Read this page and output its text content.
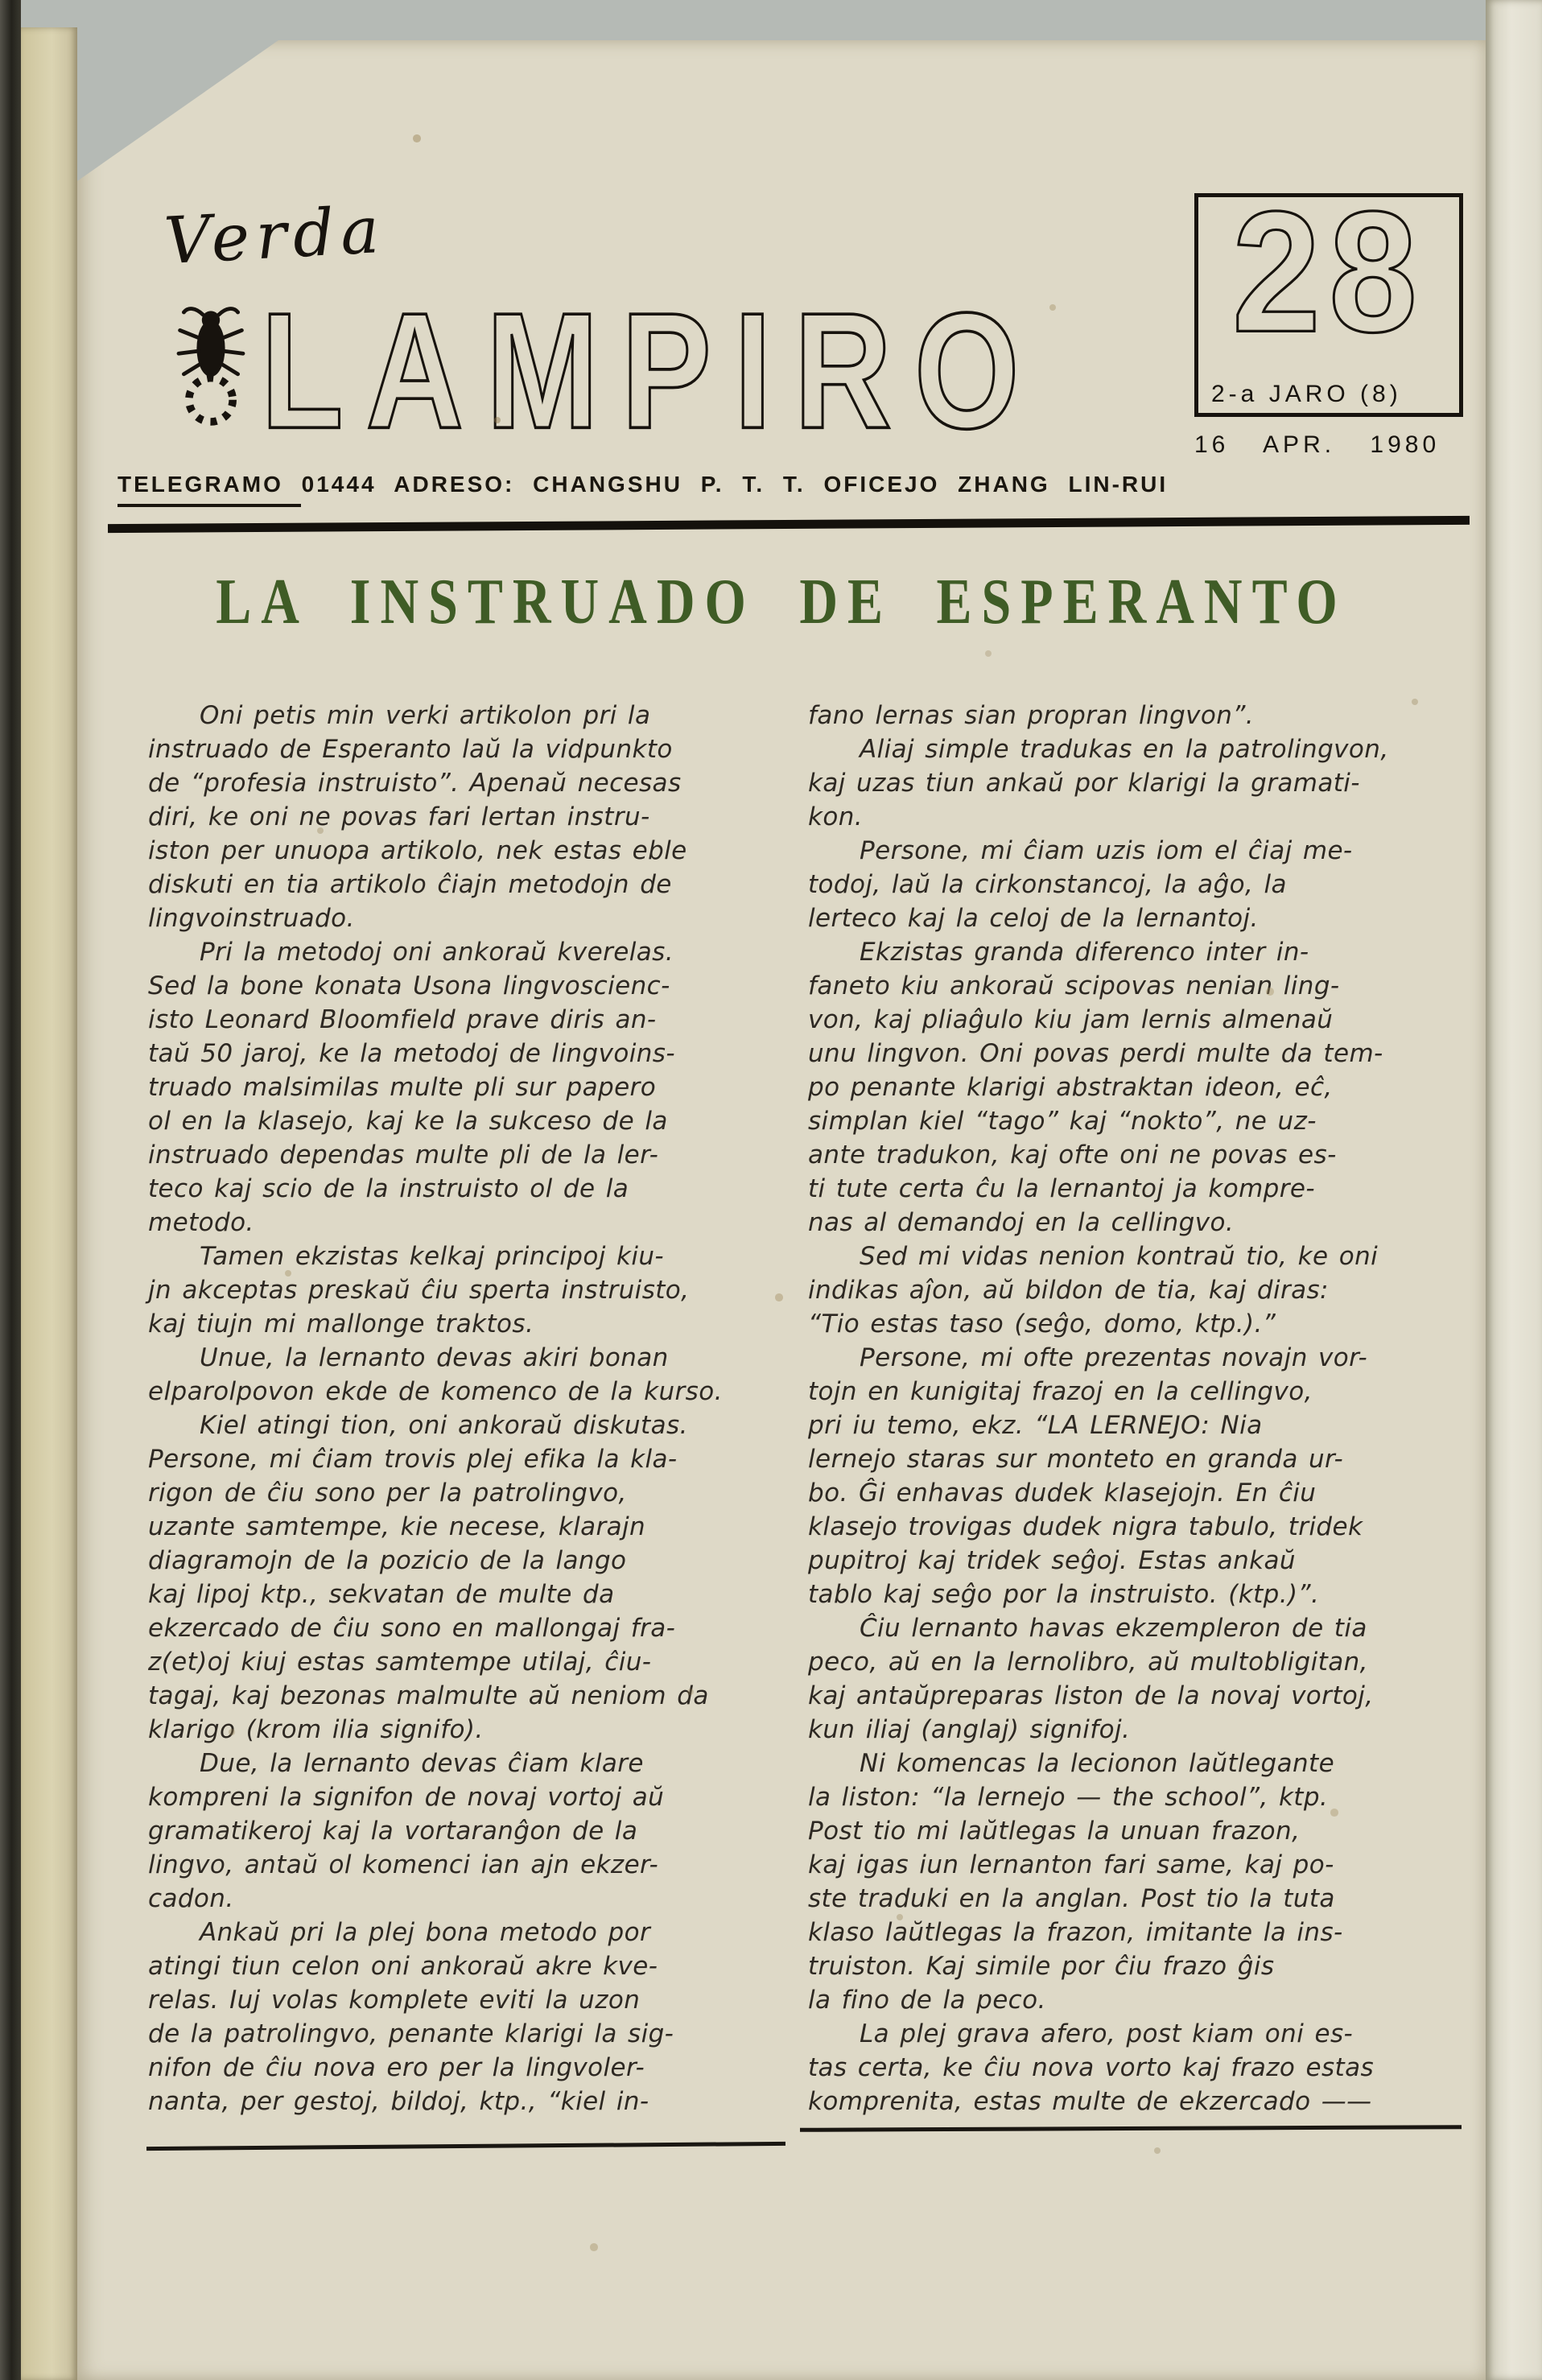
Verda
LAMPIRO
28
2-a JARO (8)
16 APR. 1980
TELEGRAMO 01444 ADRESO: CHANGSHU P. T. T. OFICEJO ZHANG LIN-RUI
LA INSTRUADO DE ESPERANTO
Oni petis min verki artikolon pri la
instruado de Esperanto laŭ la vidpunkto
de “profesia instruisto”. Apenaŭ necesas
diri, ke oni ne povas fari lertan instru-
iston per unuopa artikolo, nek estas eble
diskuti en tia artikolo ĉiajn metodojn de
lingvoinstruado.
Pri la metodoj oni ankoraŭ kverelas.
Sed la bone konata Usona lingvoscienc-
isto Leonard Bloomfield prave diris an-
taŭ 50 jaroj, ke la metodoj de lingvoins-
truado malsimilas multe pli sur papero
ol en la klasejo, kaj ke la sukceso de la
instruado dependas multe pli de la ler-
teco kaj scio de la instruisto ol de la
metodo.
Tamen ekzistas kelkaj principoj kiu-
jn akceptas preskaŭ ĉiu sperta instruisto,
kaj tiujn mi mallonge traktos.
Unue, la lernanto devas akiri bonan
elparolpovon ekde de komenco de la kurso.
Kiel atingi tion, oni ankoraŭ diskutas.
Persone, mi ĉiam trovis plej efika la kla-
rigon de ĉiu sono per la patrolingvo,
uzante samtempe, kie necese, klarajn
diagramojn de la pozicio de la lango
kaj lipoj ktp., sekvatan de multe da
ekzercado de ĉiu sono en mallongaj fra-
z(et)oj kiuj estas samtempe utilaj, ĉiu-
tagaj, kaj bezonas malmulte aŭ neniom da
klarigo (krom ilia signifo).
Due, la lernanto devas ĉiam klare
kompreni la signifon de novaj vortoj aŭ
gramatikeroj kaj la vortaranĝon de la
lingvo, antaŭ ol komenci ian ajn ekzer-
cadon.
Ankaŭ pri la plej bona metodo por
atingi tiun celon oni ankoraŭ akre kve-
relas. Iuj volas komplete eviti la uzon
de la patrolingvo, penante klarigi la sig-
nifon de ĉiu nova ero per la lingvoler-
nanta, per gestoj, bildoj, ktp., “kiel in-
fano lernas sian propran lingvon”.
Aliaj simple tradukas en la patrolingvon,
kaj uzas tiun ankaŭ por klarigi la gramati-
kon.
Persone, mi ĉiam uzis iom el ĉiaj me-
todoj, laŭ la cirkonstancoj, la aĝo, la
lerteco kaj la celoj de la lernantoj.
Ekzistas granda diferenco inter in-
faneto kiu ankoraŭ scipovas nenian ling-
von, kaj pliaĝulo kiu jam lernis almenaŭ
unu lingvon. Oni povas perdi multe da tem-
po penante klarigi abstraktan ideon, eĉ,
simplan kiel “tago” kaj “nokto”, ne uz-
ante tradukon, kaj ofte oni ne povas es-
ti tute certa ĉu la lernantoj ja kompre-
nas al demandoj en la cellingvo.
Sed mi vidas nenion kontraŭ tio, ke oni
indikas aĵon, aŭ bildon de tia, kaj diras:
“Tio estas taso (seĝo, domo, ktp.).”
Persone, mi ofte prezentas novajn vor-
tojn en kunigitaj frazoj en la cellingvo,
pri iu temo, ekz. “LA LERNEJO: Nia
lernejo staras sur monteto en granda ur-
bo. Ĝi enhavas dudek klasejojn. En ĉiu
klasejo trovigas dudek nigra tabulo, tridek
pupitroj kaj tridek seĝoj. Estas ankaŭ
tablo kaj seĝo por la instruisto. (ktp.)”.
Ĉiu lernanto havas ekzempleron de tia
peco, aŭ en la lernolibro, aŭ multobligitan,
kaj antaŭpreparas liston de la novaj vortoj,
kun iliaj (anglaj) signifoj.
Ni komencas la lecionon laŭtlegante
la liston: “la lernejo — the school”, ktp.
Post tio mi laŭtlegas la unuan frazon,
kaj igas iun lernanton fari same, kaj po-
ste traduki en la anglan. Post tio la tuta
klaso laŭtlegas la frazon, imitante la ins-
truiston. Kaj simile por ĉiu frazo ĝis
la fino de la peco.
La plej grava afero, post kiam oni es-
tas certa, ke ĉiu nova vorto kaj frazo estas
komprenita, estas multe de ekzercado ——
